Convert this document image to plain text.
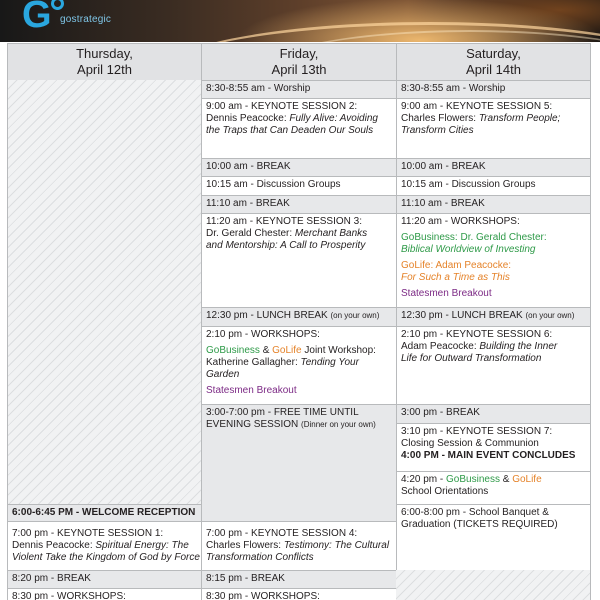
G gostrategic
Thursday,
April 12th
Friday,
April 13th
Saturday,
April 14th
6:00-6:45 PM - WELCOME RECEPTION
7:00 pm - KEYNOTE SESSION 1:
Dennis Peacocke: Spiritual Energy: The
Violent Take the Kingdom of God by Force
8:20 pm - BREAK
8:30 pm - WORKSHOPS:
8:30-8:55 am - Worship
9:00 am - KEYNOTE SESSION 2:
Dennis Peacocke: Fully Alive: Avoiding
the Traps that Can Deaden Our Souls
10:00 am - BREAK
10:15 am - Discussion Groups
11:10 am - BREAK
11:20 am - KEYNOTE SESSION 3:
Dr. Gerald Chester: Merchant Banks
and Mentorship: A Call to Prosperity
12:30 pm - LUNCH BREAK (on your own)
2:10 pm - WORKSHOPS:
GoBusiness & GoLife Joint Workshop:
Katherine Gallagher: Tending Your
Garden
Statesmen Breakout
3:00-7:00 pm - FREE TIME UNTIL
EVENING SESSION (Dinner on your own)
7:00 pm - KEYNOTE SESSION 4:
Charles Flowers: Testimony: The Cultural
Transformation Conflicts
8:15 pm - BREAK
8:30 pm - WORKSHOPS:
8:30-8:55 am - Worship
9:00 am - KEYNOTE SESSION 5:
Charles Flowers: Transform People;
Transform Cities
10:00 am - BREAK
10:15 am - Discussion Groups
11:10 am - BREAK
11:20 am - WORKSHOPS:
GoBusiness: Dr. Gerald Chester:
Biblical Worldview of Investing
GoLife: Adam Peacocke:
For Such a Time as This
Statesmen Breakout
12:30 pm - LUNCH BREAK (on your own)
2:10 pm - KEYNOTE SESSION 6:
Adam Peacocke: Building the Inner
Life for Outward Transformation
3:00 pm - BREAK
3:10 pm - KEYNOTE SESSION 7:
Closing Session & Communion
4:00 PM - MAIN EVENT CONCLUDES
4:20 pm - GoBusiness & GoLife
School Orientations
6:00-8:00 pm - School Banquet &
Graduation (TICKETS REQUIRED)
